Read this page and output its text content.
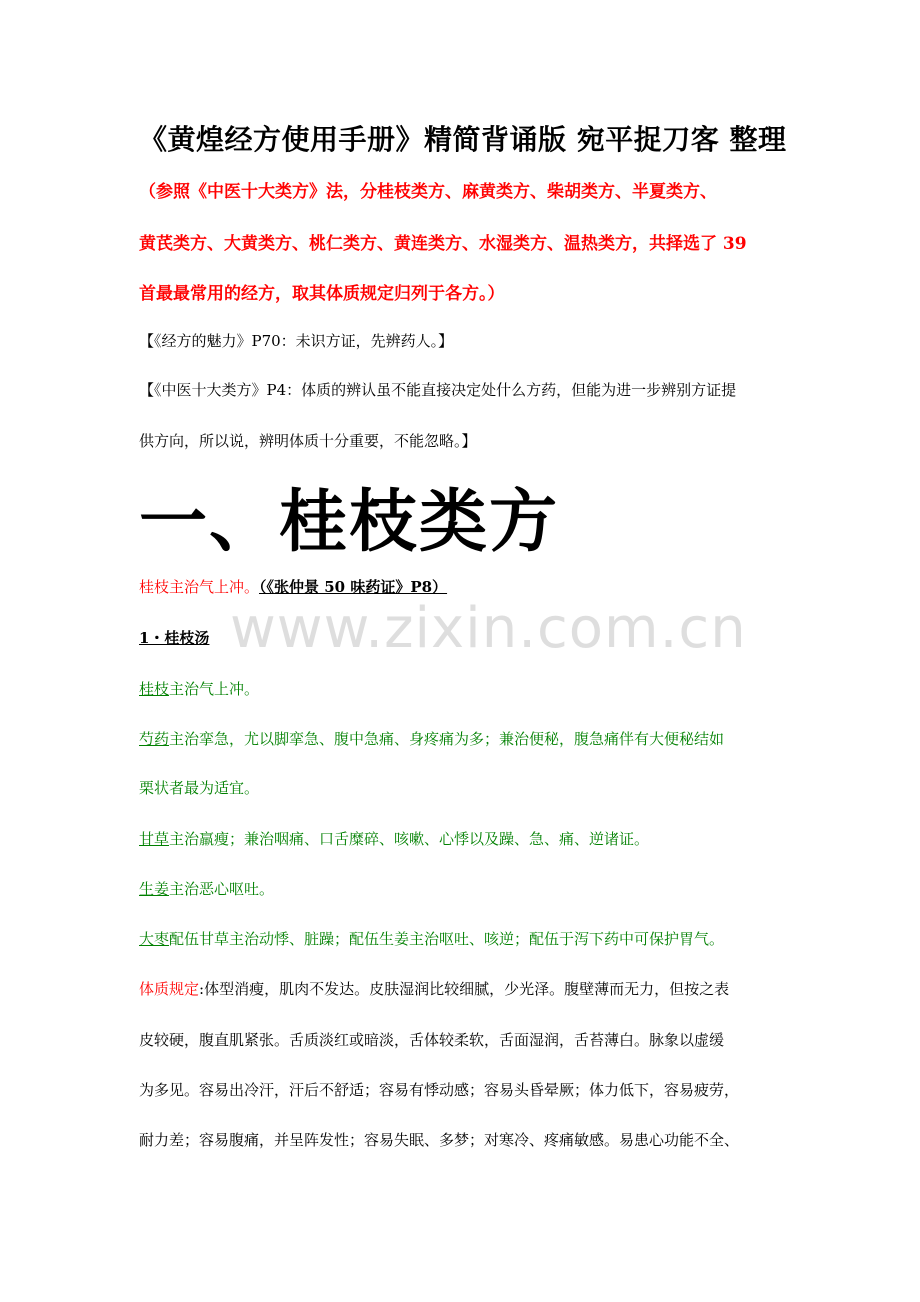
《黄煌经方使用手册》精简背诵版 宛平捉刀客 整理
（参照《中医十大类方》法，分桂枝类方、麻黄类方、柴胡类方、半夏类方、
黄芪类方、大黄类方、桃仁类方、黄连类方、水湿类方、温热类方，共择选了 39
首最最常用的经方，取其体质规定归列于各方。）
【《经方的魅力》P70：未识方证，先辨药人。】
【《中医十大类方》P4：体质的辨认虽不能直接决定处什么方药，但能为进一步辨别方证提
供方向，所以说，辨明体质十分重要，不能忽略。】
一、桂枝类方
桂枝主治气上冲。（《张仲景 50 味药证》P8）
www.zixin.com.cn
1・桂枝汤
桂枝主治气上冲。
芍药主治挛急，尤以脚挛急、腹中急痛、身疼痛为多；兼治便秘，腹急痛伴有大便秘结如
栗状者最为适宜。
甘草主治羸瘦；兼治咽痛、口舌糜碎、咳嗽、心悸以及躁、急、痛、逆诸证。
生姜主治恶心呕吐。
大枣配伍甘草主治动悸、脏躁；配伍生姜主治呕吐、咳逆；配伍于泻下药中可保护胃气。
体质规定:体型消瘦，肌肉不发达。皮肤湿润比较细腻，少光泽。腹壁薄而无力，但按之表
皮较硬，腹直肌紧张。舌质淡红或暗淡，舌体较柔软，舌面湿润，舌苔薄白。脉象以虚缓
为多见。容易出冷汗，汗后不舒适；容易有悸动感；容易头昏晕厥；体力低下，容易疲劳，
耐力差；容易腹痛，并呈阵发性；容易失眠、多梦；对寒冷、疼痛敏感。易患心功能不全、
